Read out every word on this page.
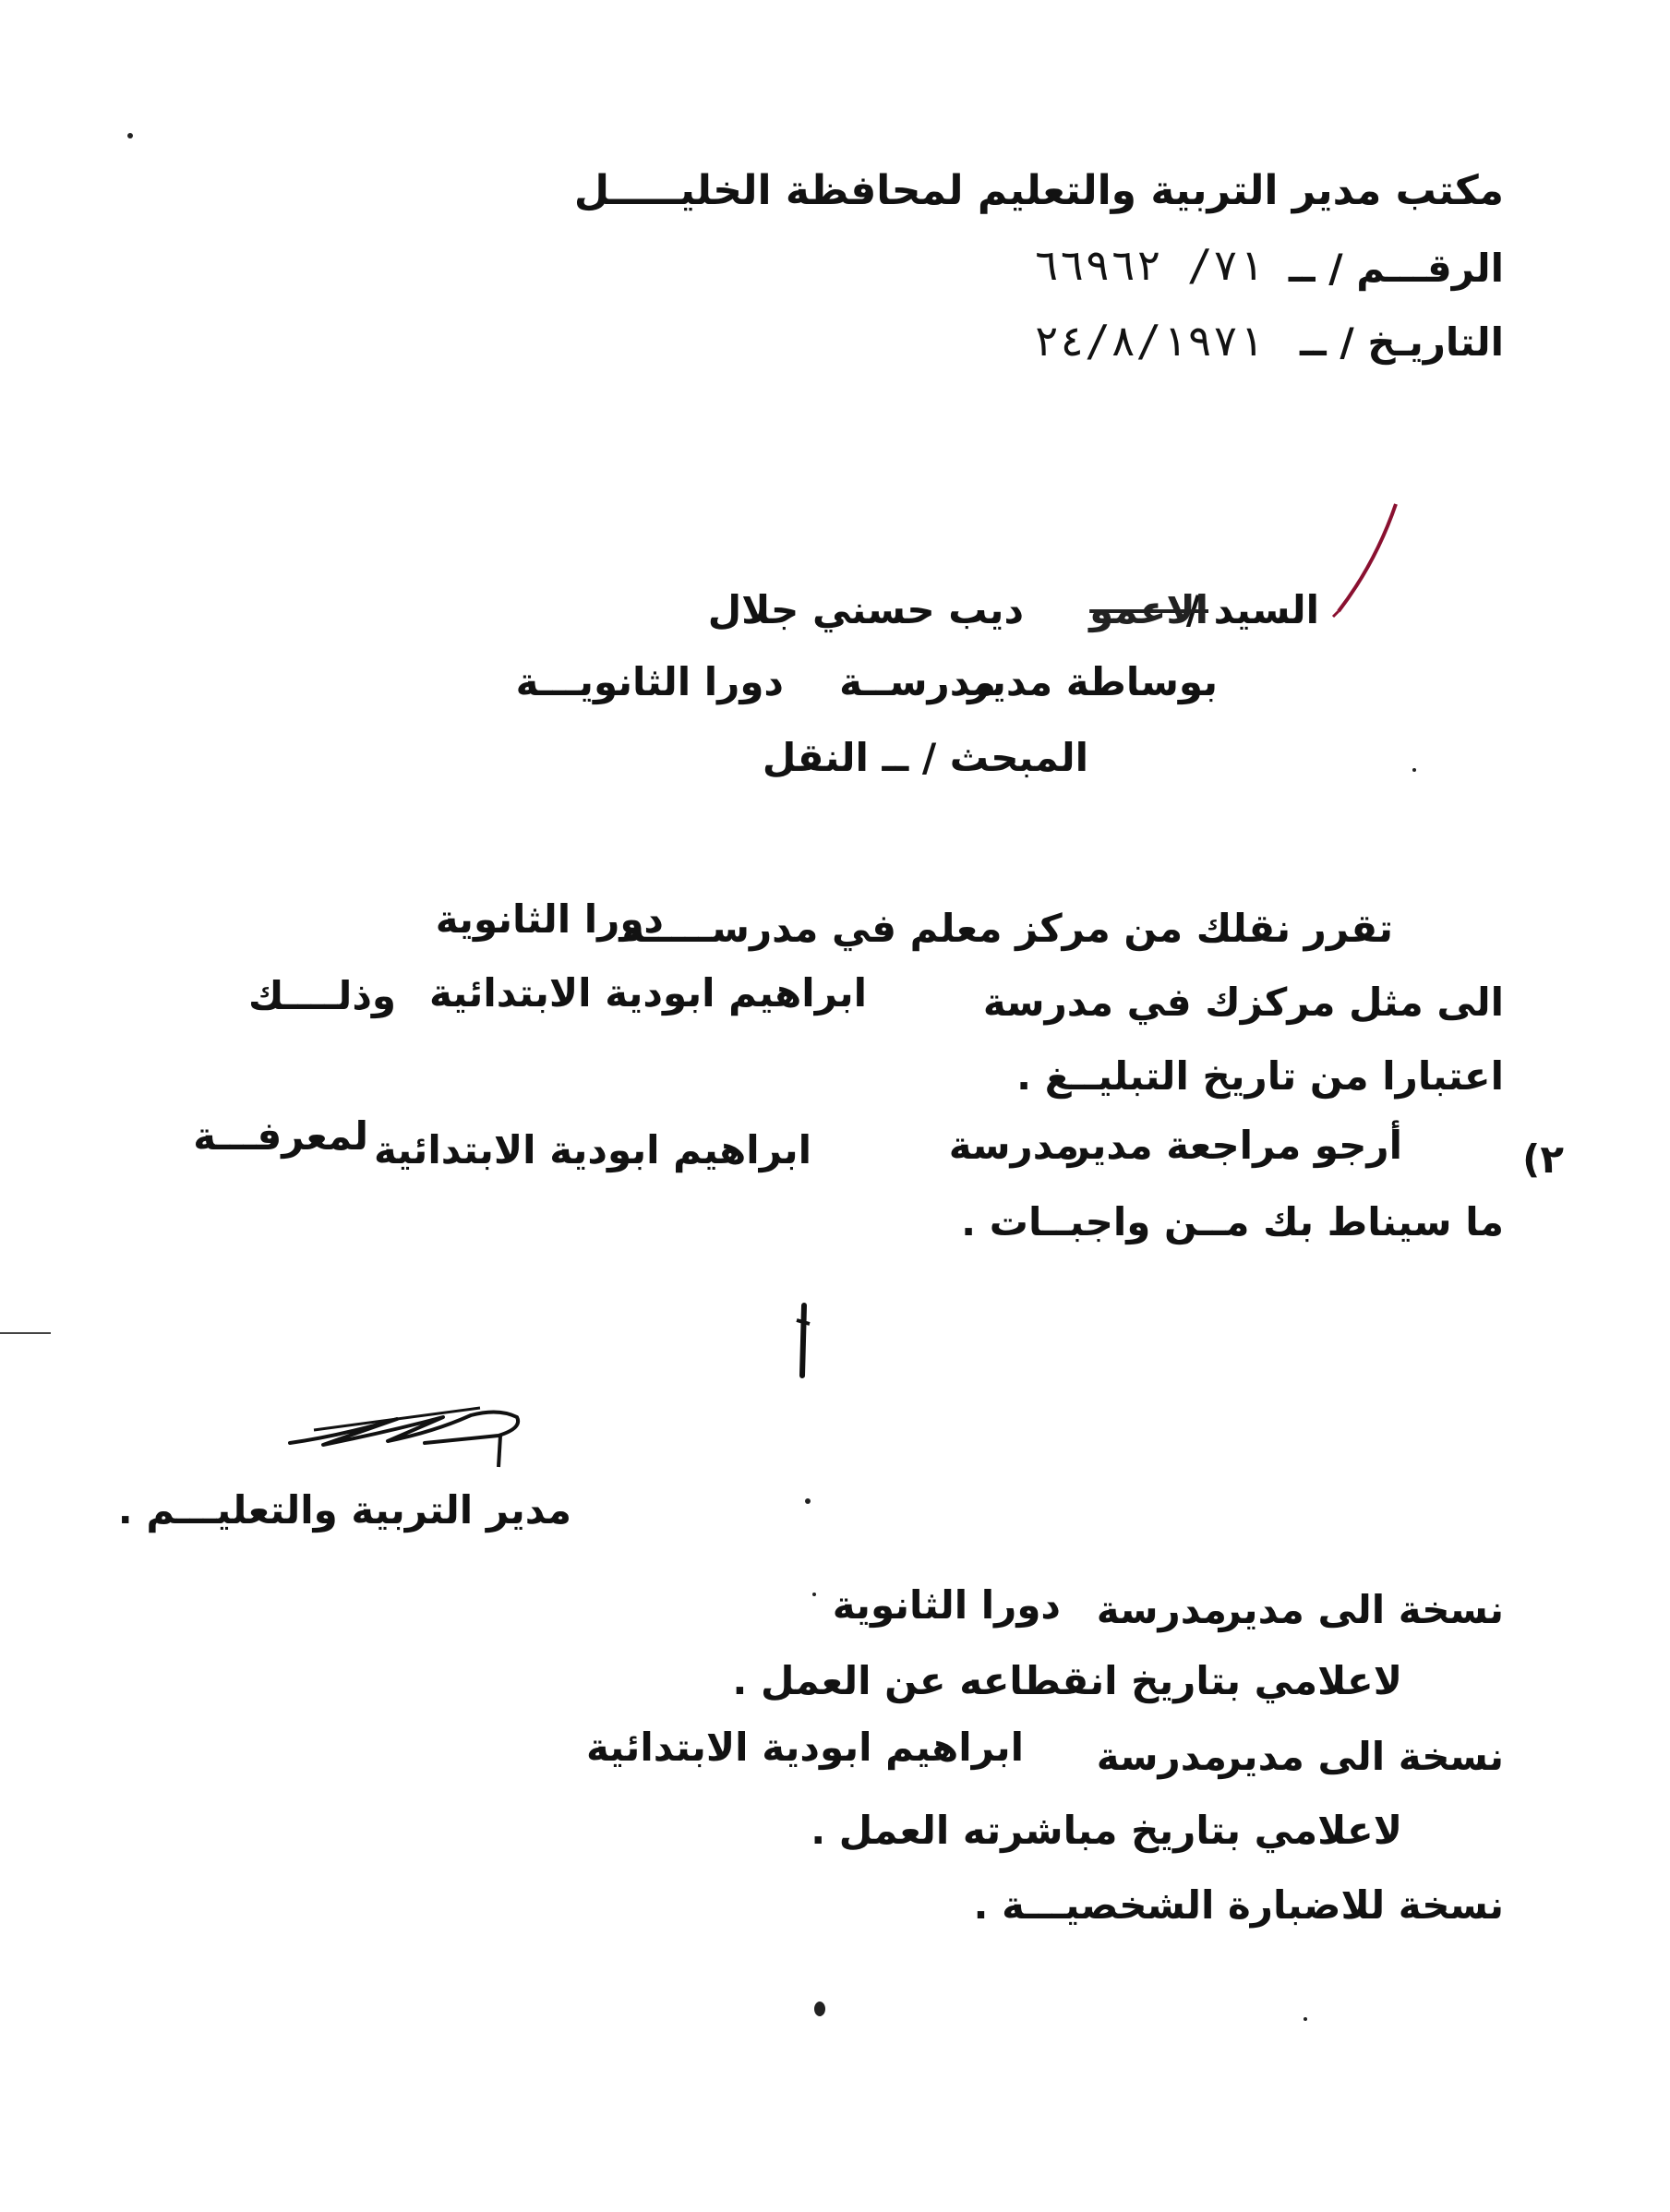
مكتب مدير التربية والتعليم لمحافظة الخليـــــل
الرقـــم / ــ
٧١/ ٦٦٩٦٢
التاريـخ / ــ
٢٤/٨/١٩٧١
السيد /
الاعمو
ديب حسني جلال
بوساطة مدير
مدرســة
دورا الثانويـــة
المبحث / ــ النقل
تقرر نقلك من مركز معلم في مدرســـــة
دورا الثانوية
الى مثل مركزك في مدرسة
ابراهيم ابودية الابتدائية
وذلــــك
اعتبارا من تاريخ التبليــغ .
٢)
أرجو مراجعة مدير
مدرسة
ابراهيم ابودية الابتدائية
لمعرفـــة
ما سيناط بك مــن واجبــات .
مدير التربية والتعليـــم .
نسخة الى مدير
مدرسة
دورا الثانوية
لاعلامي بتاريخ انقطاعه عن العمل .
نسخة الى مدير
مدرسة
ابراهيم ابودية الابتدائية
لاعلامي بتاريخ مباشرته العمل .
نسخة للاضبارة الشخصيـــة .
